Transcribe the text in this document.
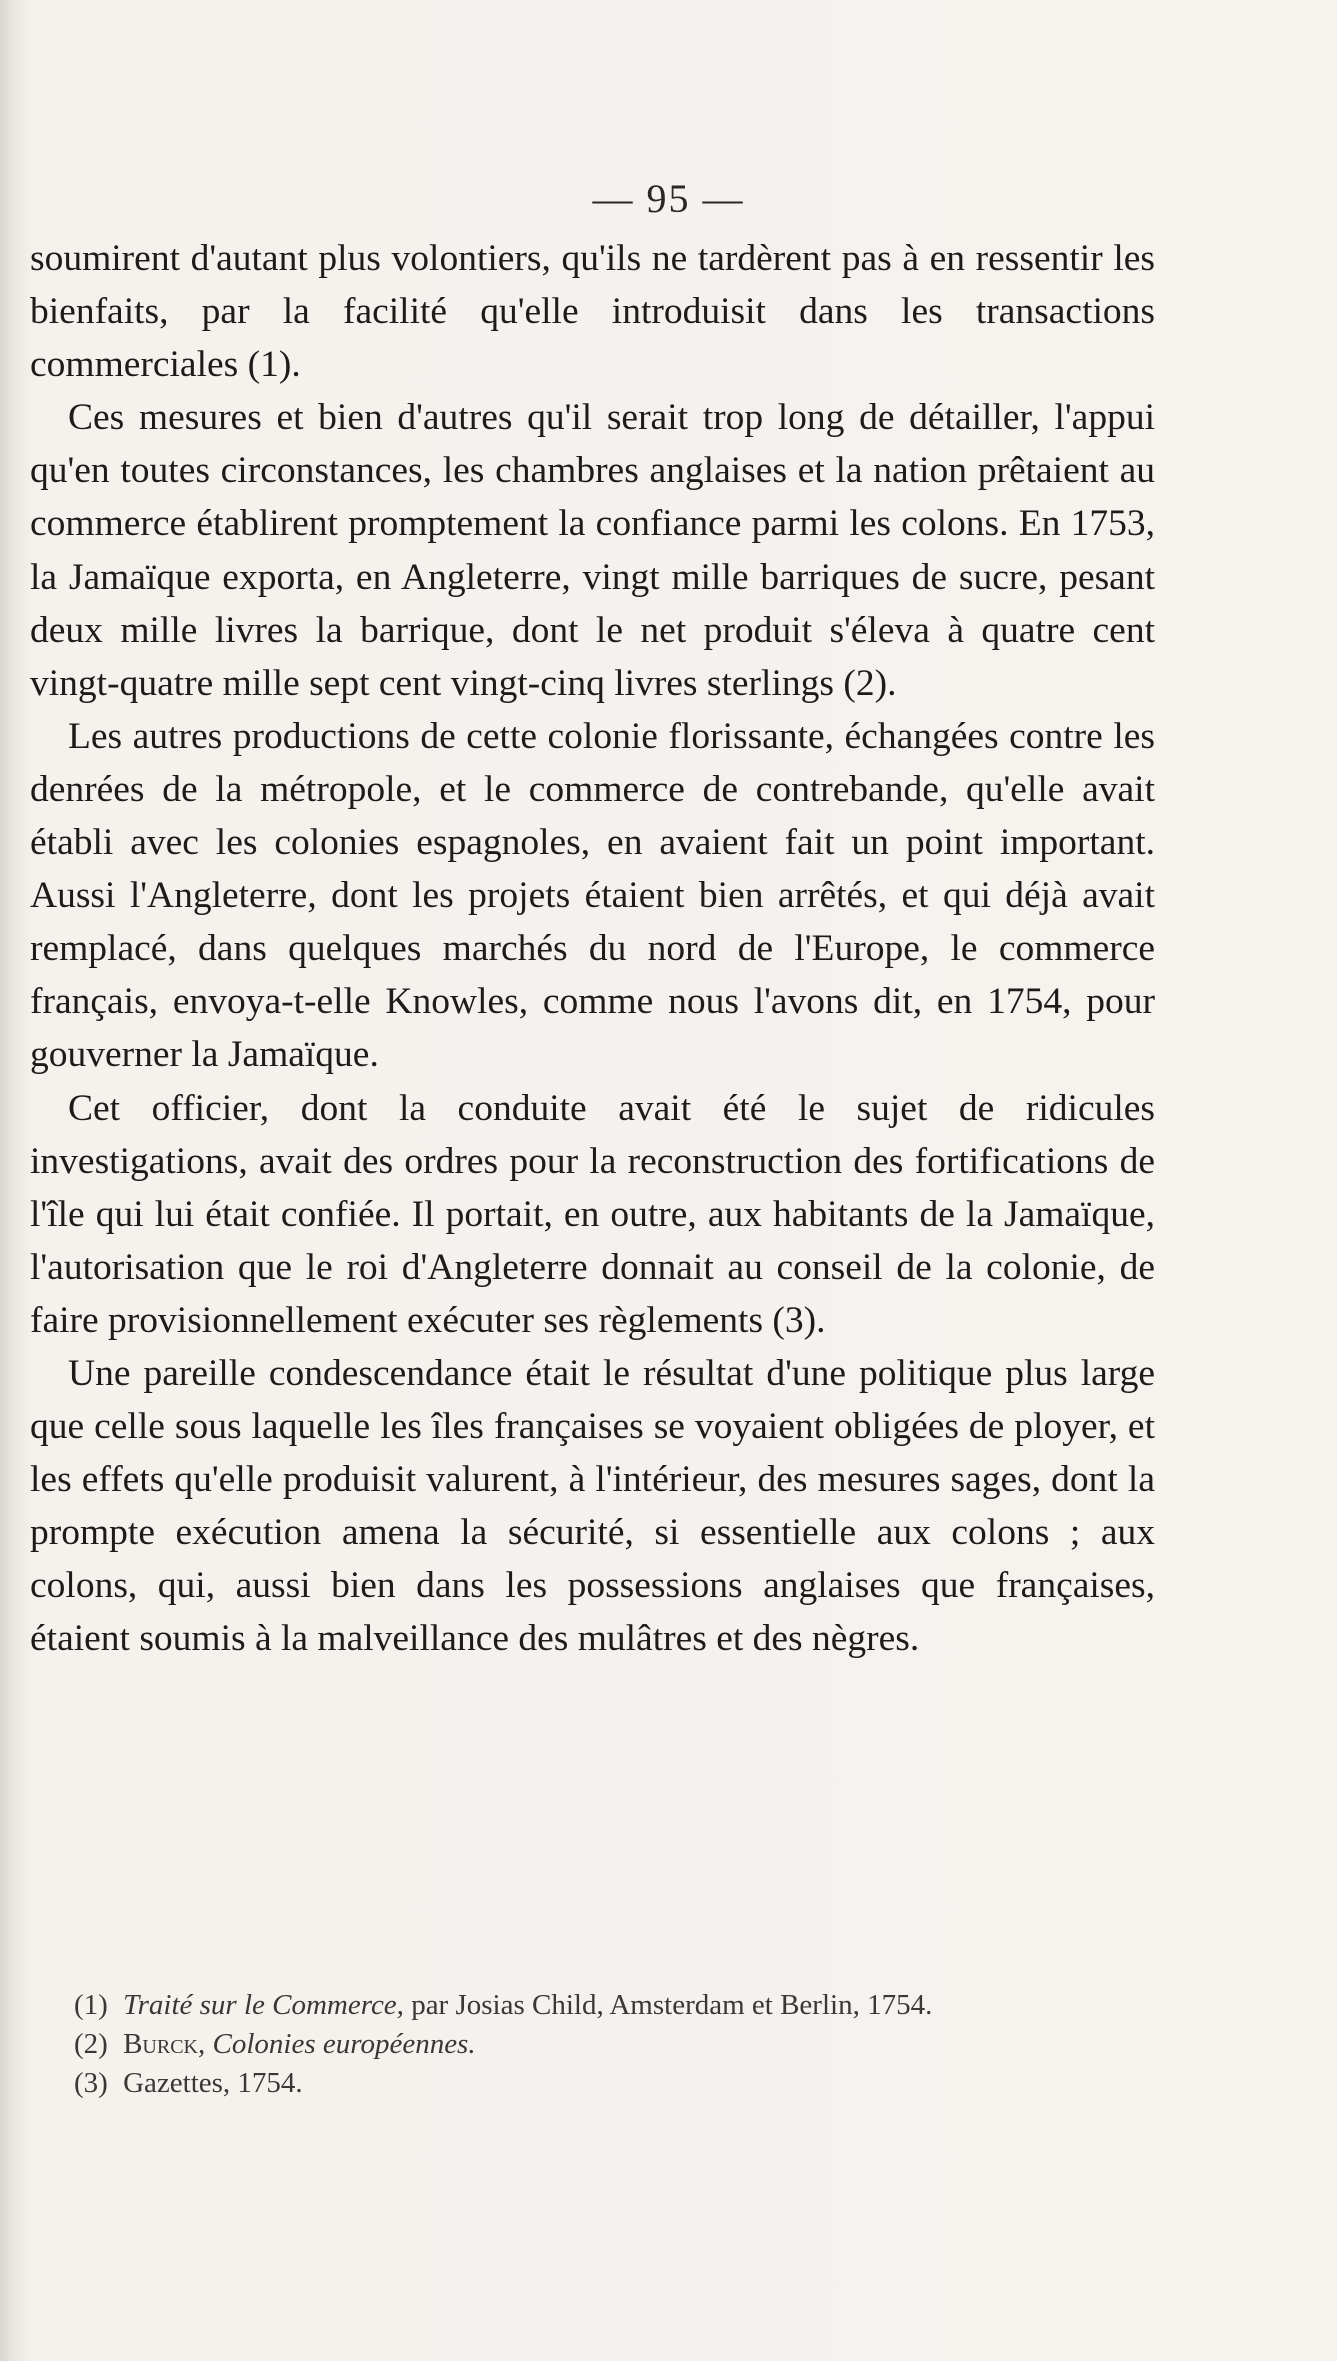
— 95 —

soumirent d'autant plus volontiers, qu'ils ne tardèrent pas à en ressentir les bienfaits, par la facilité qu'elle introduisit dans les transactions commerciales (1).

Ces mesures et bien d'autres qu'il serait trop long de détailler, l'appui qu'en toutes circonstances, les chambres anglaises et la nation prêtaient au commerce établirent promptement la confiance parmi les colons. En 1753, la Jamaïque exporta, en Angleterre, vingt mille barriques de sucre, pesant deux mille livres la barrique, dont le net produit s'éleva à quatre cent vingt-quatre mille sept cent vingt-cinq livres sterlings (2).

Les autres productions de cette colonie florissante, échangées contre les denrées de la métropole, et le commerce de contrebande, qu'elle avait établi avec les colonies espagnoles, en avaient fait un point important. Aussi l'Angleterre, dont les projets étaient bien arrêtés, et qui déjà avait remplacé, dans quelques marchés du nord de l'Europe, le commerce français, envoya-t-elle Knowles, comme nous l'avons dit, en 1754, pour gouverner la Jamaïque.

Cet officier, dont la conduite avait été le sujet de ridicules investigations, avait des ordres pour la reconstruction des fortifications de l'île qui lui était confiée. Il portait, en outre, aux habitants de la Jamaïque, l'autorisation que le roi d'Angleterre donnait au conseil de la colonie, de faire provisionnellement exécuter ses règlements (3).

Une pareille condescendance était le résultat d'une politique plus large que celle sous laquelle les îles françaises se voyaient obligées de ployer, et les effets qu'elle produisit valurent, à l'intérieur, des mesures sages, dont la prompte exécution amena la sécurité, si essentielle aux colons ; aux colons, qui, aussi bien dans les possessions anglaises que françaises, étaient soumis à la malveillance des mulâtres et des nègres.

(1) Traité sur le Commerce, par Josias Child, Amsterdam et Berlin, 1754.

(2) Burck, Colonies européennes.

(3) Gazettes, 1754.
